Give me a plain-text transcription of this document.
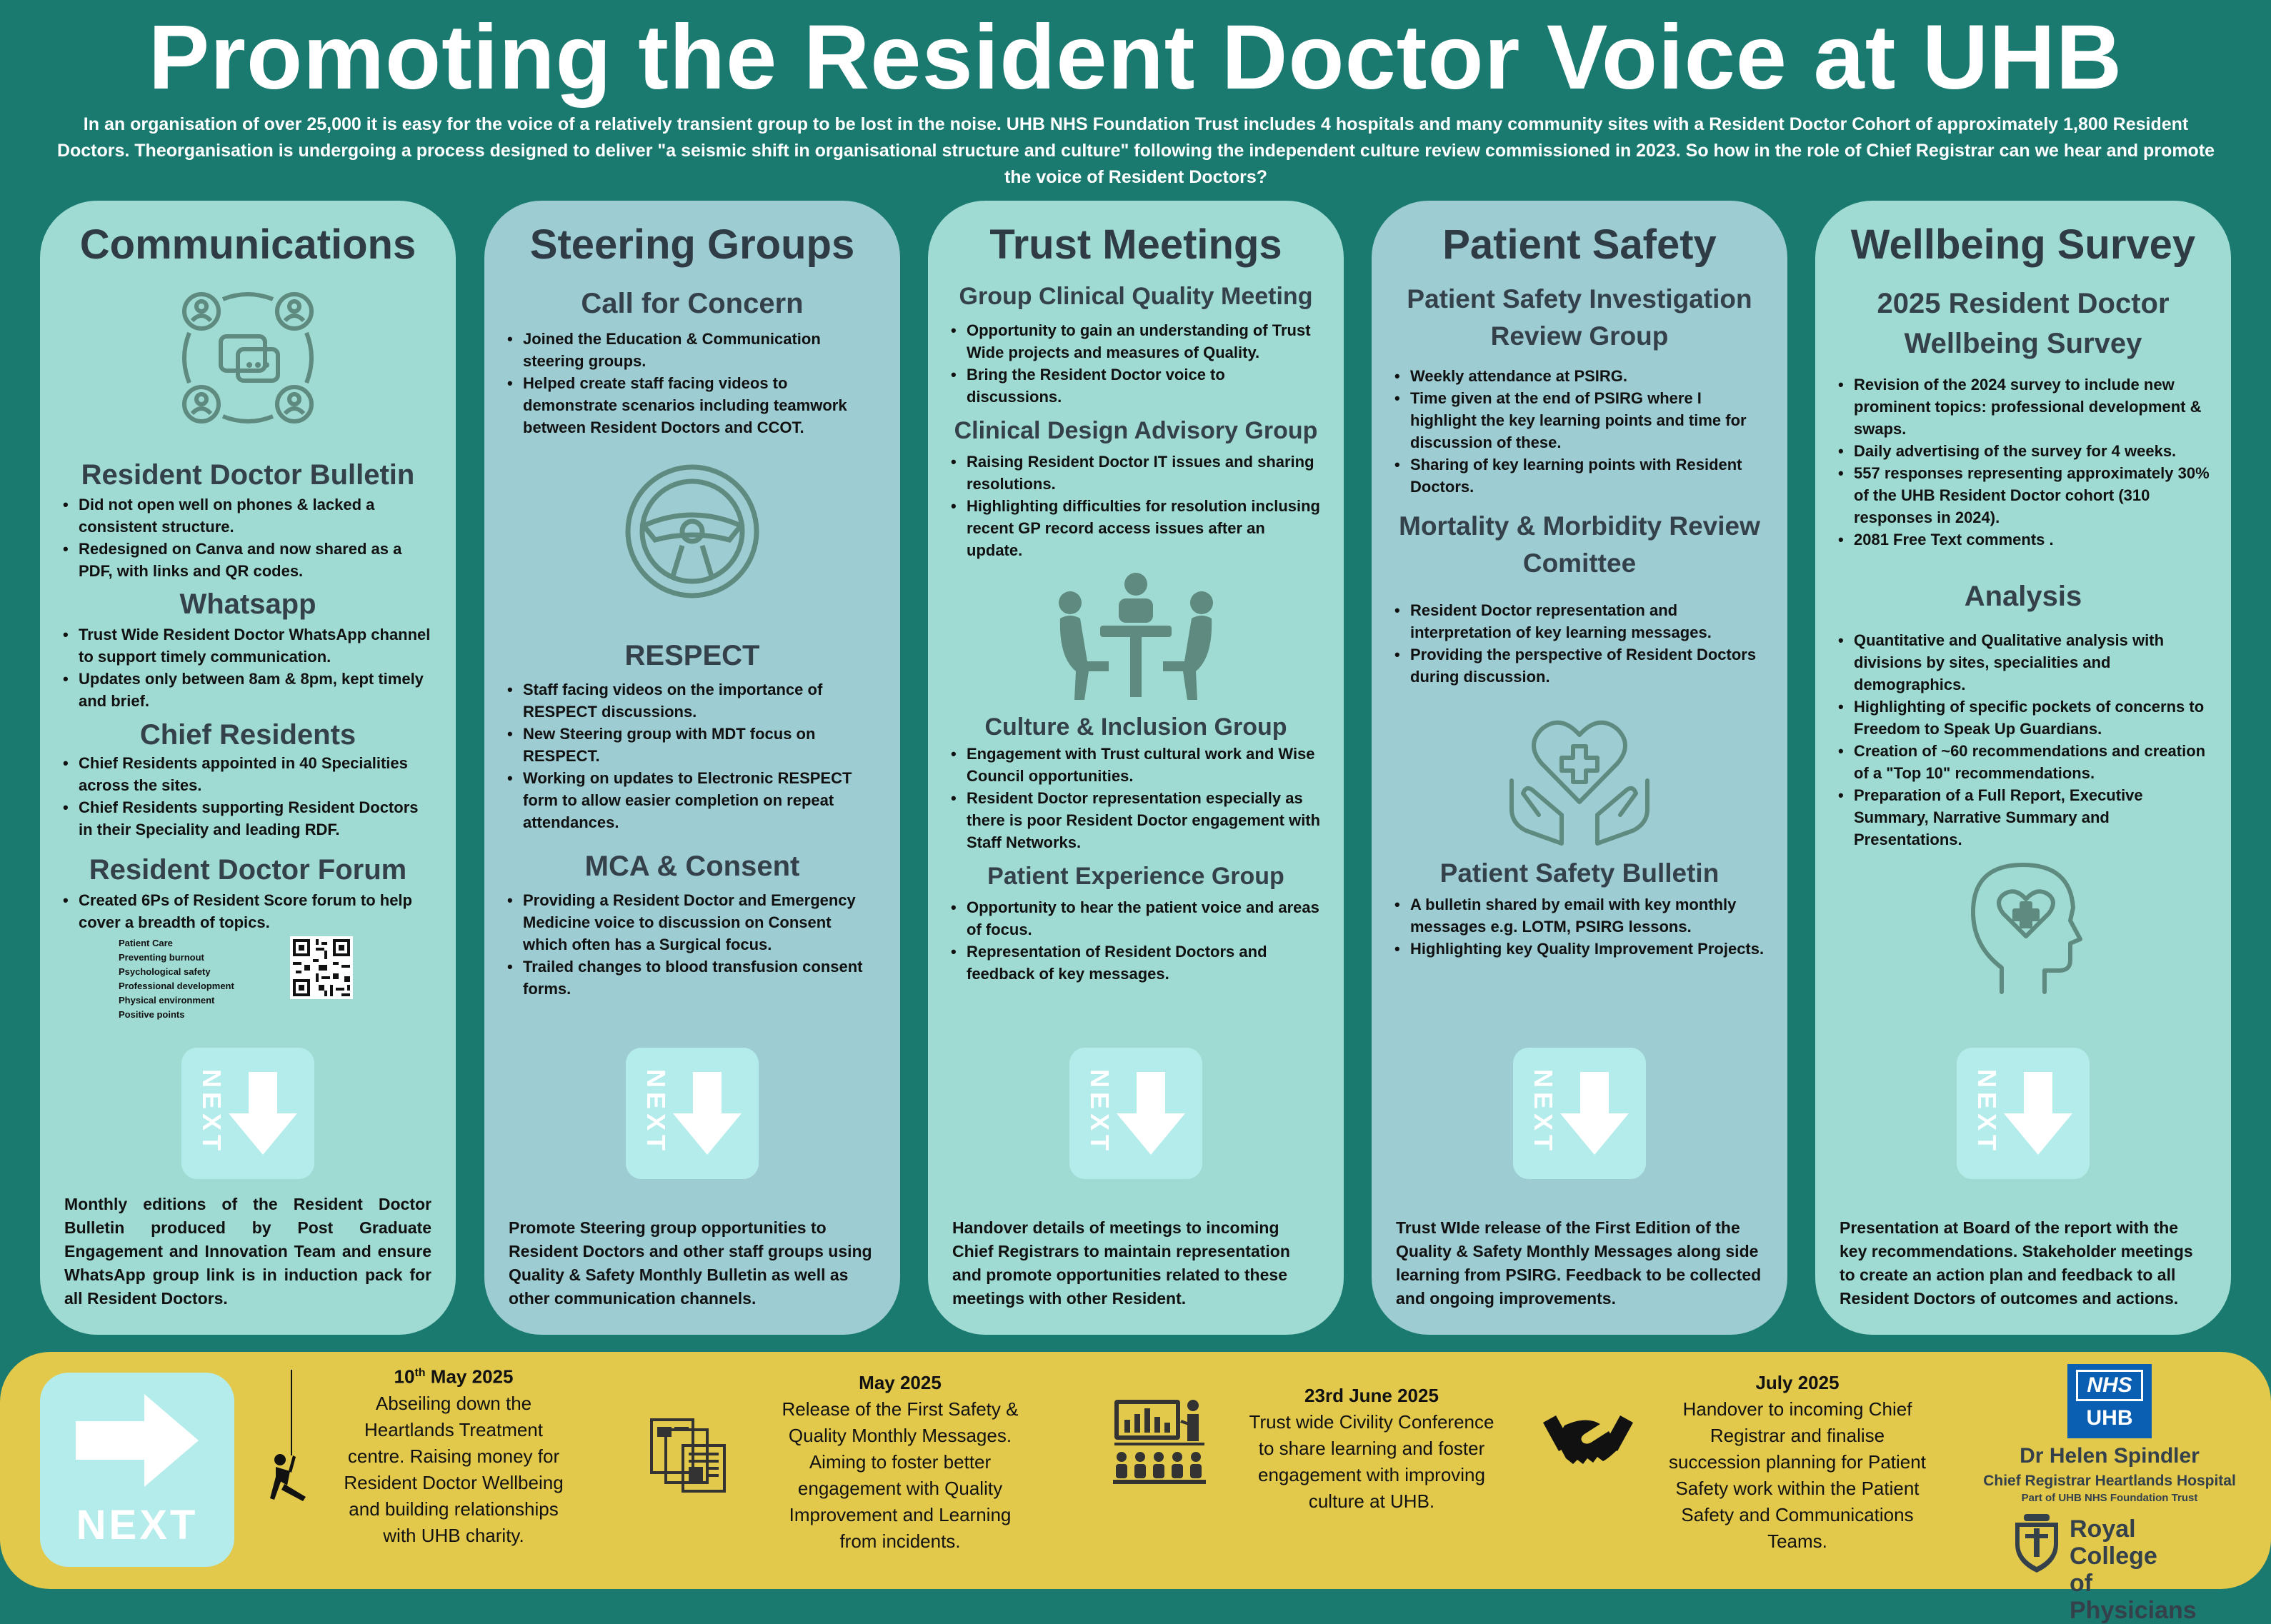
Promoting the Resident Doctor Voice at UHB
In an organisation of over 25,000 it is easy for the voice of a relatively transient group to be lost in the noise. UHB NHS Foundation Trust includes 4 hospitals and many community sites with a Resident Doctor Cohort of approximately 1,800 Resident Doctors. Theorganisation is undergoing a process designed to deliver "a seismic shift in organisational structure and culture" following the independent culture review commissioned in 2023. So how in the role of Chief Registrar can we hear and promote the voice of Resident Doctors?
Communications
Resident Doctor Bulletin
• Did not open well on phones & lacked a consistent structure.
• Redesigned on Canva and now shared as a PDF, with links and QR codes.
Whatsapp
• Trust Wide Resident Doctor WhatsApp channel to support timely communication.
• Updates only between 8am & 8pm, kept timely and brief.
Chief Residents
• Chief Residents appointed in 40 Specialities across the sites.
• Chief Residents supporting Resident Doctors in their Speciality and leading RDF.
Resident Doctor Forum
• Created 6Ps of Resident Score forum to help cover a breadth of topics.
Patient Care
Preventing burnout
Psychological safety
Professional development
Physical environment
Positive points
NEXT
Monthly editions of the Resident Doctor Bulletin produced by Post Graduate Engagement and Innovation Team and ensure WhatsApp group link is in induction pack for all Resident Doctors.
Steering Groups
Call for Concern
• Joined the Education & Communication steering groups.
• Helped create staff facing videos to demonstrate scenarios including teamwork between Resident Doctors and CCOT.
RESPECT
• Staff facing videos on the importance of RESPECT discussions.
• New Steering group with MDT focus on RESPECT.
• Working on updates to Electronic RESPECT form to allow easier completion on repeat attendances.
MCA & Consent
• Providing a Resident Doctor and Emergency Medicine voice to discussion on Consent which often has a Surgical focus.
• Trailed changes to blood transfusion consent forms.
NEXT
Promote Steering group opportunities to Resident Doctors and other staff groups using Quality & Safety Monthly Bulletin as well as other communication channels.
Trust Meetings
Group Clinical Quality Meeting
• Opportunity to gain an understanding of Trust Wide projects and measures of Quality.
• Bring the Resident Doctor voice to discussions.
Clinical Design Advisory Group
• Raising Resident Doctor IT issues and sharing resolutions.
• Highlighting difficulties for resolution inclusing recent GP record access issues after an update.
Culture & Inclusion Group
• Engagement with Trust cultural work and Wise Council opportunities.
• Resident Doctor representation especially as there is poor Resident Doctor engagement with Staff Networks.
Patient Experience Group
• Opportunity to hear the patient voice and areas of focus.
• Representation of Resident Doctors and feedback of key messages.
NEXT
Handover details of meetings to incoming Chief Registrars to maintain representation and promote opportunities related to these meetings with other Resident.
Patient Safety
Patient Safety Investigation Review Group
• Weekly attendance at PSIRG.
• Time given at the end of PSIRG where I highlight the key learning points and time for discussion of these.
• Sharing of key learning points with Resident Doctors.
Mortality & Morbidity Review Comittee
• Resident Doctor representation and interpretation of key learning messages.
• Providing the perspective of Resident Doctors during discussion.
Patient Safety Bulletin
• A bulletin shared by email with key monthly messages e.g. LOTM, PSIRG lessons.
• Highlighting key Quality Improvement Projects.
NEXT
Trust WIde release of the First Edition of the Quality & Safety Monthly Messages along side learning from PSIRG. Feedback to be collected and ongoing improvements.
Wellbeing Survey
2025 Resident Doctor Wellbeing Survey
• Revision of the 2024 survey to include new prominent topics: professional development & swaps.
• Daily advertising of the survey for 4 weeks.
• 557 responses representing approximately 30% of the UHB Resident Doctor cohort (310 responses in 2024).
• 2081 Free Text comments .
Analysis
• Quantitative and Qualitative analysis with divisions by sites, specialities and demographics.
• Highlighting of specific pockets of concerns to Freedom to Speak Up Guardians.
• Creation of ~60 recommendations and creation of a "Top 10" recommendations.
• Preparation of a Full Report, Executive Summary, Narrative Summary and Presentations.
NEXT
Presentation at Board of the report with the key recommendations. Stakeholder meetings to create an action plan and feedback to all Resident Doctors of outcomes and actions.
NEXT
10th May 2025
Abseiling down the Heartlands Treatment centre. Raising money for Resident Doctor Wellbeing and building relationships with UHB charity.
May 2025
Release of the First Safety & Quality Monthly Messages. Aiming to foster better engagement with Quality Improvement and Learning from incidents.
23rd June 2025
Trust wide Civility Conference to share learning and foster engagement with improving culture at UHB.
July 2025
Handover to incoming Chief Registrar and finalise succession planning for Patient Safety work within the Patient Safety and Communications Teams.
NHS
UHB
Dr Helen Spindler
Chief Registrar Heartlands Hospital
Part of UHB NHS Foundation Trust
Royal College
of Physicians
